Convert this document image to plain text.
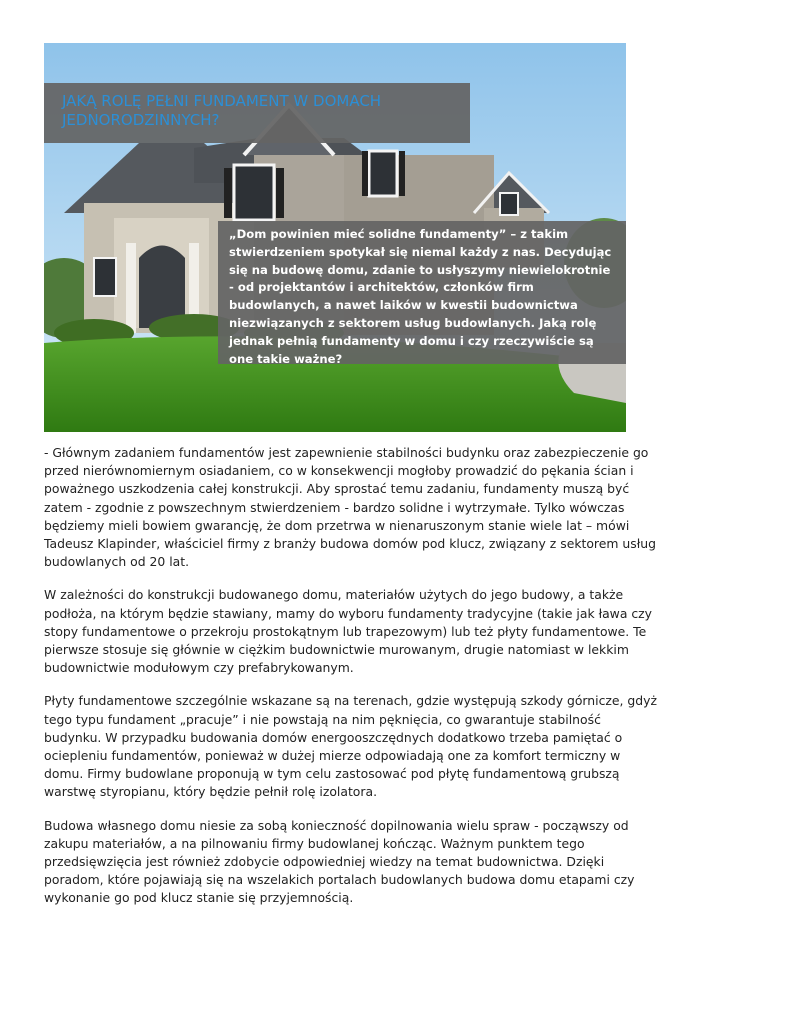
JAKĄ ROLĘ PEŁNI FUNDAMENT W DOMACH JEDNORODZINNYCH?

„Dom powinien mieć solidne fundamenty” – z takim stwierdzeniem spotykał się niemal każdy z nas. Decydując się na budowę domu, zdanie to usłyszymy niewielokrotnie - od projektantów i architektów, członków firm budowlanych, a nawet laików w kwestii budownictwa niezwiązanych z sektorem usług budowlanych. Jaką rolę jednak pełnią fundamenty w domu i czy rzeczywiście są one takie ważne?

- Głównym zadaniem fundamentów jest zapewnienie stabilności budynku oraz zabezpieczenie go przed nierównomiernym osiadaniem, co w konsekwencji mogłoby prowadzić do pękania ścian i poważnego uszkodzenia całej konstrukcji. Aby sprostać temu zadaniu, fundamenty muszą być zatem - zgodnie z powszechnym stwierdzeniem - bardzo solidne i wytrzymałe. Tylko wówczas będziemy mieli bowiem gwarancję, że dom przetrwa w nienaruszonym stanie wiele lat – mówi Tadeusz Klapinder, właściciel firmy z branży budowa domów pod klucz, związany z sektorem usług budowlanych od 20 lat.

W zależności do konstrukcji budowanego domu, materiałów użytych do jego budowy, a także podłoża, na którym będzie stawiany, mamy do wyboru fundamenty tradycyjne (takie jak ława czy stopy fundamentowe o przekroju prostokątnym lub trapezowym) lub też płyty fundamentowe. Te pierwsze stosuje się głównie w ciężkim budownictwie murowanym, drugie natomiast w lekkim budownictwie modułowym czy prefabrykowanym.

Płyty fundamentowe szczególnie wskazane są na terenach, gdzie występują szkody górnicze, gdyż tego typu fundament „pracuje” i nie powstają na nim pęknięcia, co gwarantuje stabilność budynku. W przypadku budowania domów energooszczędnych dodatkowo trzeba pamiętać o ociepleniu fundamentów, ponieważ w dużej mierze odpowiadają one za komfort termiczny w domu. Firmy budowlane proponują w tym celu zastosować pod płytę fundamentową grubszą warstwę styropianu, który będzie pełnił rolę izolatora.

Budowa własnego domu niesie za sobą konieczność dopilnowania wielu spraw - począwszy od zakupu materiałów, a na pilnowaniu firmy budowlanej kończąc. Ważnym punktem tego przedsięwzięcia jest również zdobycie odpowiedniej wiedzy na temat budownictwa. Dzięki poradom, które pojawiają się na wszelakich portalach budowlanych budowa domu etapami czy wykonanie go pod klucz stanie się przyjemnością.
